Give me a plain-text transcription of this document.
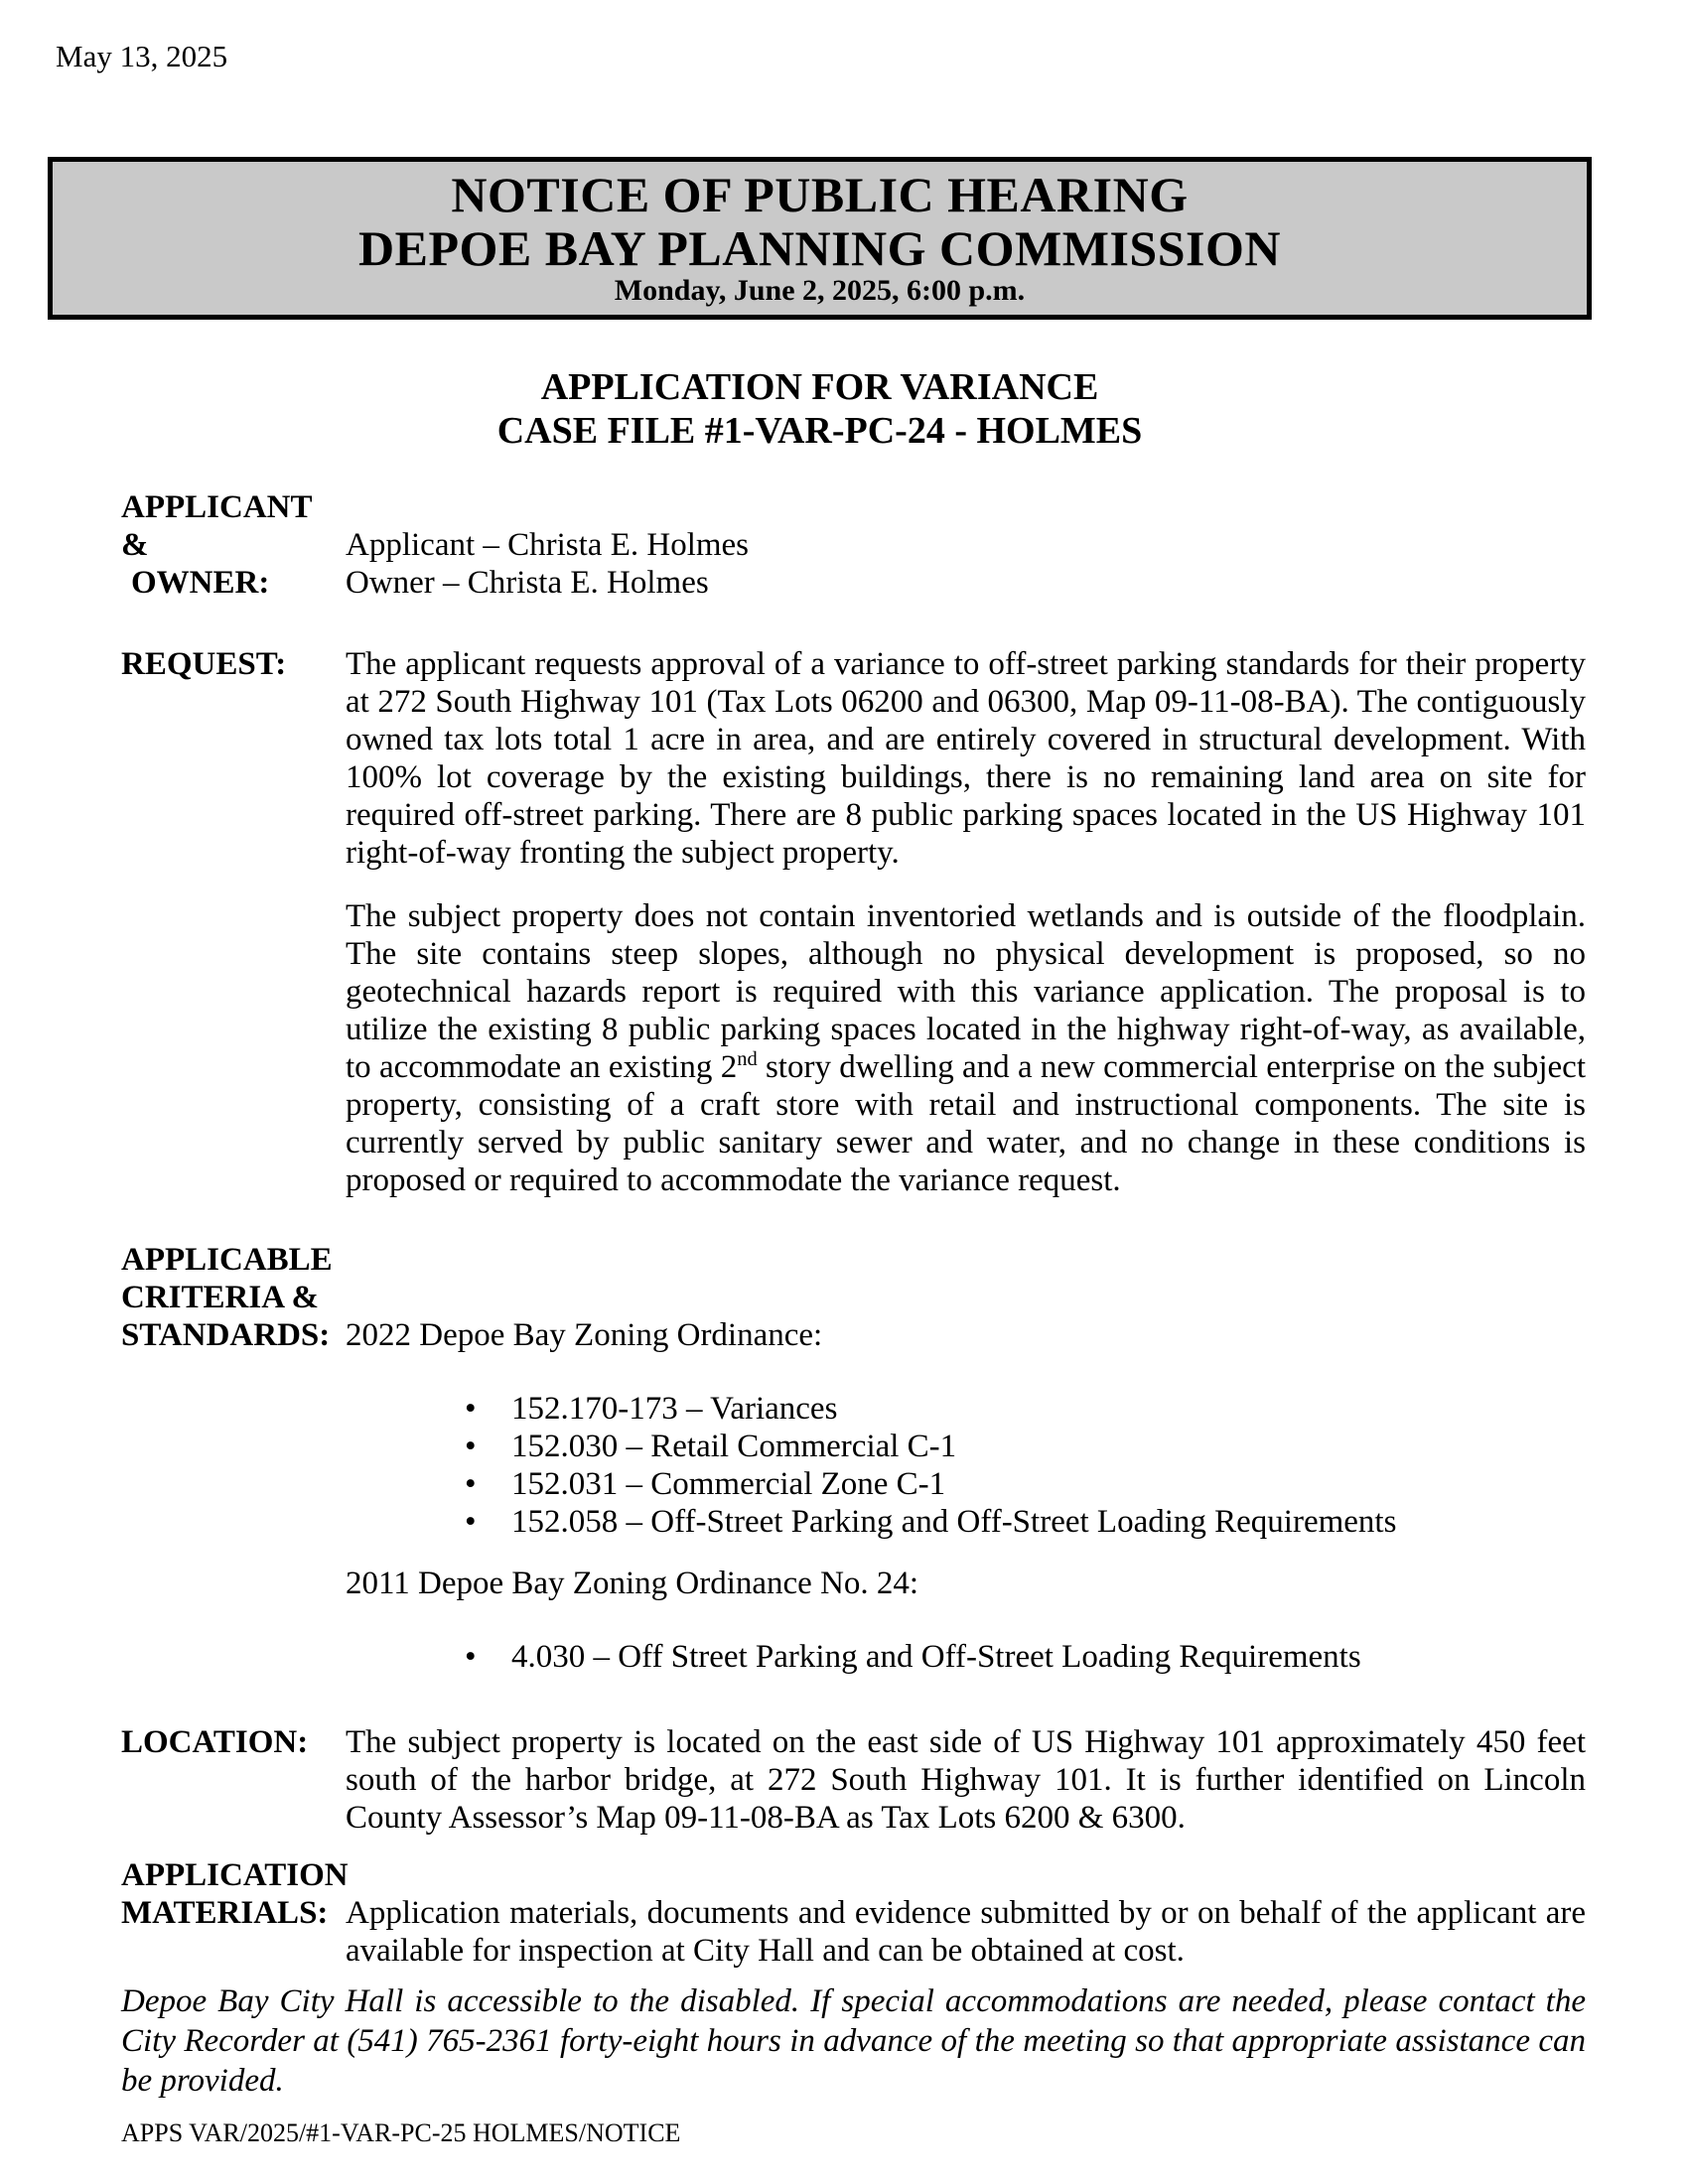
May 13, 2025
NOTICE OF PUBLIC HEARING
DEPOE BAY PLANNING COMMISSION
Monday, June 2, 2025, 6:00 p.m.
APPLICATION FOR VARIANCE
CASE FILE #1-VAR-PC-24 - HOLMES
APPLICANT &
OWNER:
Applicant – Christa E. Holmes
Owner – Christa E. Holmes
REQUEST:	The applicant requests approval of a variance to off-street parking standards for their property at 272 South Highway 101 (Tax Lots 06200 and 06300, Map 09-11-08-BA). The contiguously owned tax lots total 1 acre in area, and are entirely covered in structural development. With 100% lot coverage by the existing buildings, there is no remaining land area on site for required off-street parking. There are 8 public parking spaces located in the US Highway 101 right-of-way fronting the subject property.
The subject property does not contain inventoried wetlands and is outside of the floodplain. The site contains steep slopes, although no physical development is proposed, so no geotechnical hazards report is required with this variance application. The proposal is to utilize the existing 8 public parking spaces located in the highway right-of-way, as available, to accommodate an existing 2nd story dwelling and a new commercial enterprise on the subject property, consisting of a craft store with retail and instructional components. The site is currently served by public sanitary sewer and water, and no change in these conditions is proposed or required to accommodate the variance request.
APPLICABLE
CRITERIA &
STANDARDS: 2022 Depoe Bay Zoning Ordinance:
•	152.170-173 – Variances
•	152.030 – Retail Commercial C-1
•	152.031 – Commercial Zone C-1
•	152.058 – Off-Street Parking and Off-Street Loading Requirements
2011 Depoe Bay Zoning Ordinance No. 24:
•	4.030 – Off Street Parking and Off-Street Loading Requirements
LOCATION:	The subject property is located on the east side of US Highway 101 approximately 450 feet south of the harbor bridge, at 272 South Highway 101. It is further identified on Lincoln County Assessor’s Map 09-11-08-BA as Tax Lots 6200 & 6300.
APPLICATION
MATERIALS: Application materials, documents and evidence submitted by or on behalf of the applicant are available for inspection at City Hall and can be obtained at cost.
Depoe Bay City Hall is accessible to the disabled. If special accommodations are needed, please contact the City Recorder at (541) 765-2361 forty-eight hours in advance of the meeting so that appropriate assistance can be provided.
APPS VAR/2025/#1-VAR-PC-25 HOLMES/NOTICE
